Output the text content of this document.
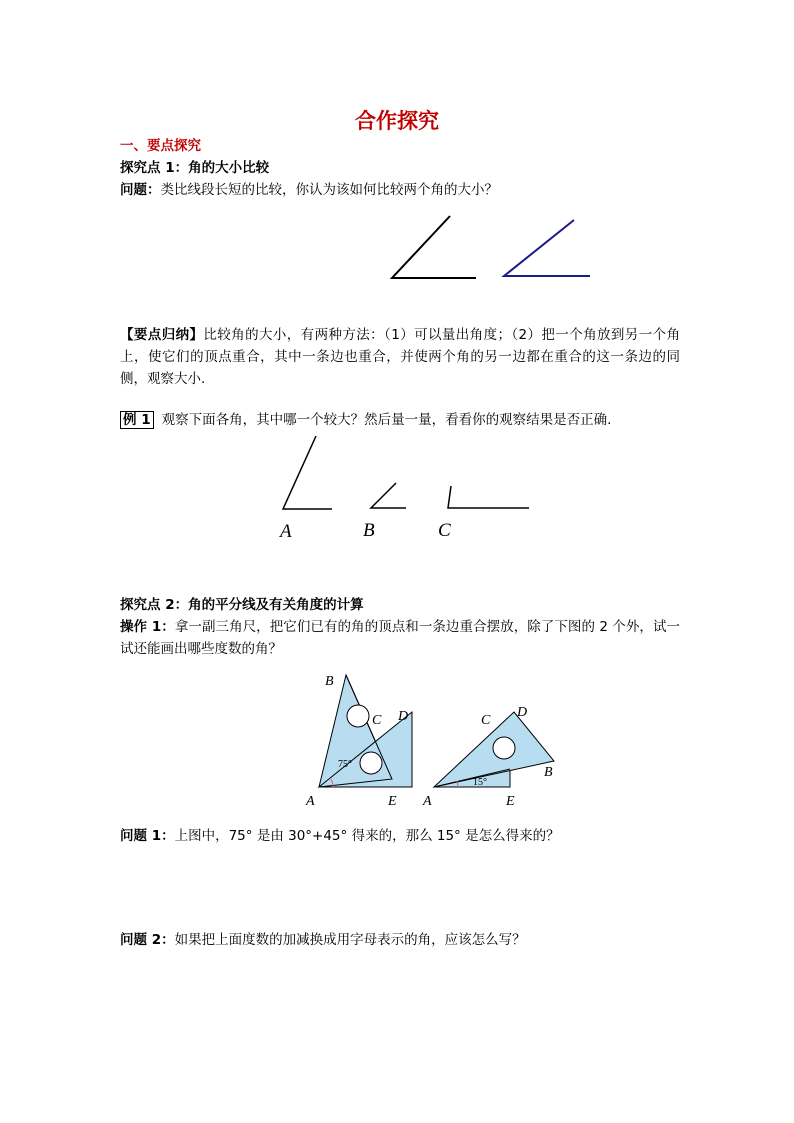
合作探究
一、要点探究
探究点 1：角的大小比较
问题：类比线段长短的比较，你认为该如何比较两个角的大小？
【要点归纳】比较角的大小，有两种方法：（1）可以量出角度；（2）把一个角放到另一个角上，使它们的顶点重合，其中一条边也重合，并使两个角的另一边都在重合的这一条边的同侧，观察大小.
例 1 观察下面各角，其中哪一个较大？然后量一量，看看你的观察结果是否正确.
A	B	C
探究点 2：角的平分线及有关角度的计算
操作 1：拿一副三角尺，把它们已有的角的顶点和一条边重合摆放，除了下图的 2 个外，试一试还能画出哪些度数的角？
75°
B
C D
A	E
15°
C
D
B
A	E
问题 1：上图中，75° 是由 30°+45° 得来的，那么 15° 是怎么得来的？
问题 2：如果把上面度数的加减换成用字母表示的角，应该怎么写？
